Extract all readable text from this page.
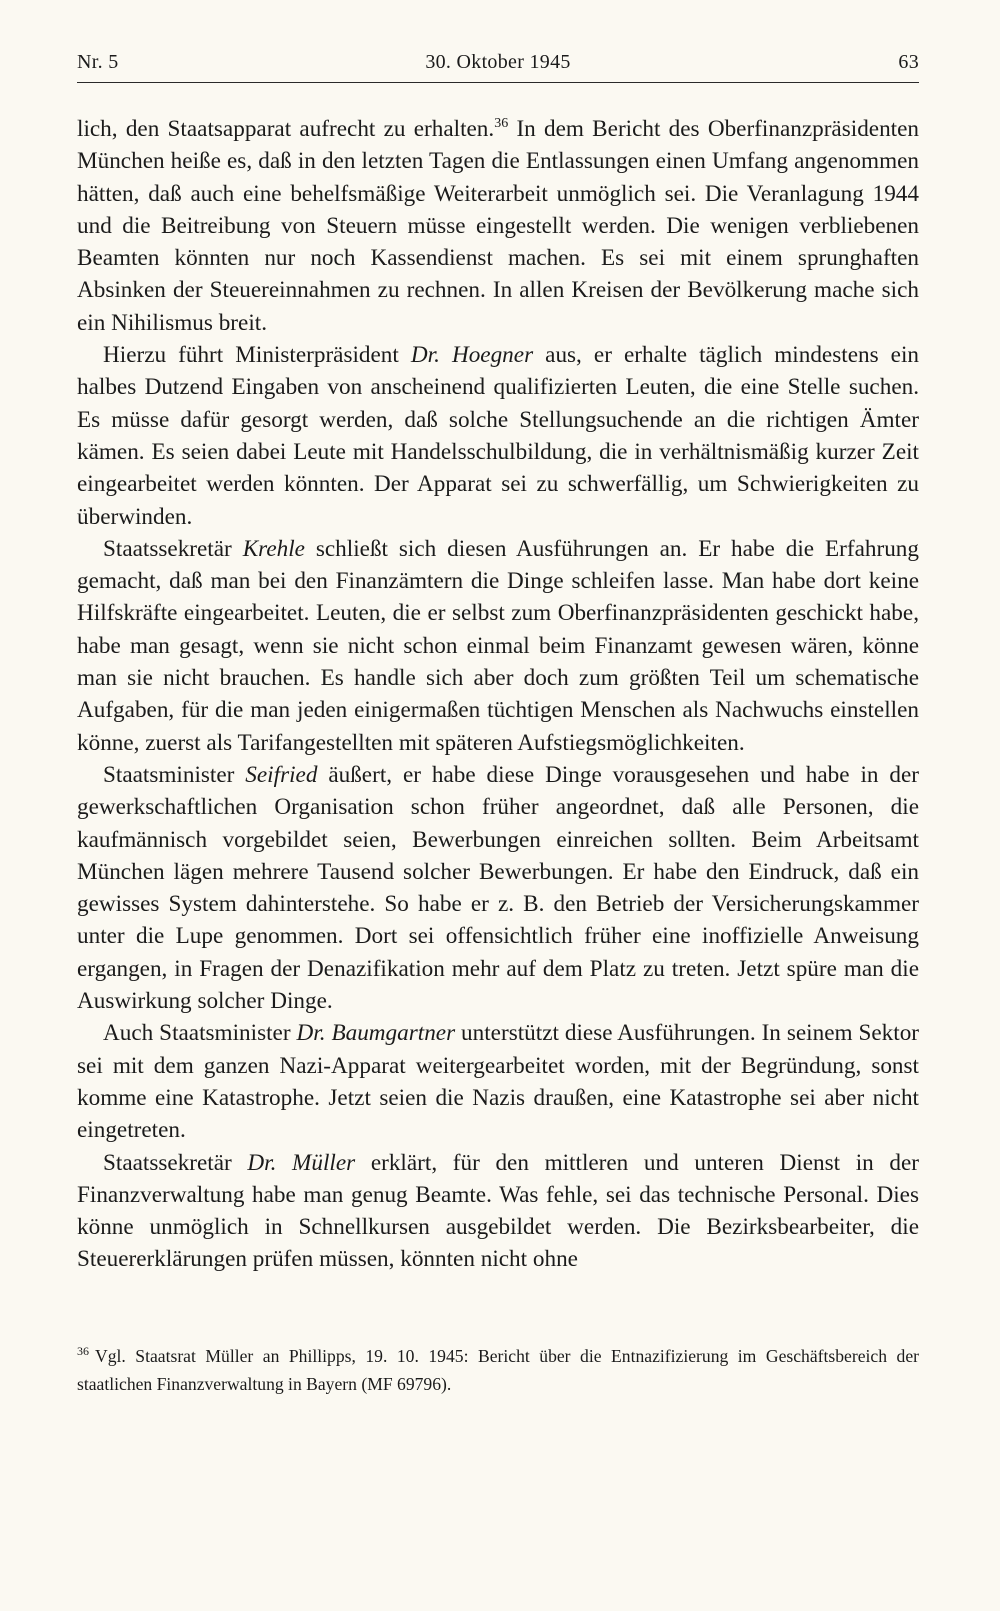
Nr. 5	30. Oktober 1945	63

lich, den Staatsapparat aufrecht zu erhalten.$^{36}$ In dem Bericht des Oberfinanzpräsidenten München heiße es, daß in den letzten Tagen die Entlassungen einen Umfang angenommen hätten, daß auch eine behelfsmäßige Weiterarbeit unmöglich sei. Die Veranlagung 1944 und die Beitreibung von Steuern müsse eingestellt werden. Die wenigen verbliebenen Beamten könnten nur noch Kassendienst machen. Es sei mit einem sprunghaften Absinken der Steuereinnahmen zu rechnen. In allen Kreisen der Bevölkerung mache sich ein Nihilismus breit.

Hierzu führt Ministerpräsident Dr. Hoegner aus, er erhalte täglich mindestens ein halbes Dutzend Eingaben von anscheinend qualifizierten Leuten, die eine Stelle suchen. Es müsse dafür gesorgt werden, daß solche Stellungsuchende an die richtigen Ämter kämen. Es seien dabei Leute mit Handelsschulbildung, die in verhältnismäßig kurzer Zeit eingearbeitet werden könnten. Der Apparat sei zu schwerfällig, um Schwierigkeiten zu überwinden.

Staatssekretär Krehle schließt sich diesen Ausführungen an. Er habe die Erfahrung gemacht, daß man bei den Finanzämtern die Dinge schleifen lasse. Man habe dort keine Hilfskräfte eingearbeitet. Leuten, die er selbst zum Oberfinanzpräsidenten geschickt habe, habe man gesagt, wenn sie nicht schon einmal beim Finanzamt gewesen wären, könne man sie nicht brauchen. Es handle sich aber doch zum größten Teil um schematische Aufgaben, für die man jeden einigermaßen tüchtigen Menschen als Nachwuchs einstellen könne, zuerst als Tarifangestellten mit späteren Aufstiegsmöglichkeiten.

Staatsminister Seifried äußert, er habe diese Dinge vorausgesehen und habe in der gewerkschaftlichen Organisation schon früher angeordnet, daß alle Personen, die kaufmännisch vorgebildet seien, Bewerbungen einreichen sollten. Beim Arbeitsamt München lägen mehrere Tausend solcher Bewerbungen. Er habe den Eindruck, daß ein gewisses System dahinterstehe. So habe er z. B. den Betrieb der Versicherungskammer unter die Lupe genommen. Dort sei offensichtlich früher eine inoffizielle Anweisung ergangen, in Fragen der Denazifikation mehr auf dem Platz zu treten. Jetzt spüre man die Auswirkung solcher Dinge.

Auch Staatsminister Dr. Baumgartner unterstützt diese Ausführungen. In seinem Sektor sei mit dem ganzen Nazi-Apparat weitergearbeitet worden, mit der Begründung, sonst komme eine Katastrophe. Jetzt seien die Nazis draußen, eine Katastrophe sei aber nicht eingetreten.

Staatssekretär Dr. Müller erklärt, für den mittleren und unteren Dienst in der Finanzverwaltung habe man genug Beamte. Was fehle, sei das technische Personal. Dies könne unmöglich in Schnellkursen ausgebildet werden. Die Bezirksbearbeiter, die Steuererklärungen prüfen müssen, könnten nicht ohne

$^{36}$ Vgl. Staatsrat Müller an Phillipps, 19. 10. 1945: Bericht über die Entnazifizierung im Geschäftsbereich der staatlichen Finanzverwaltung in Bayern (MF 69796).
